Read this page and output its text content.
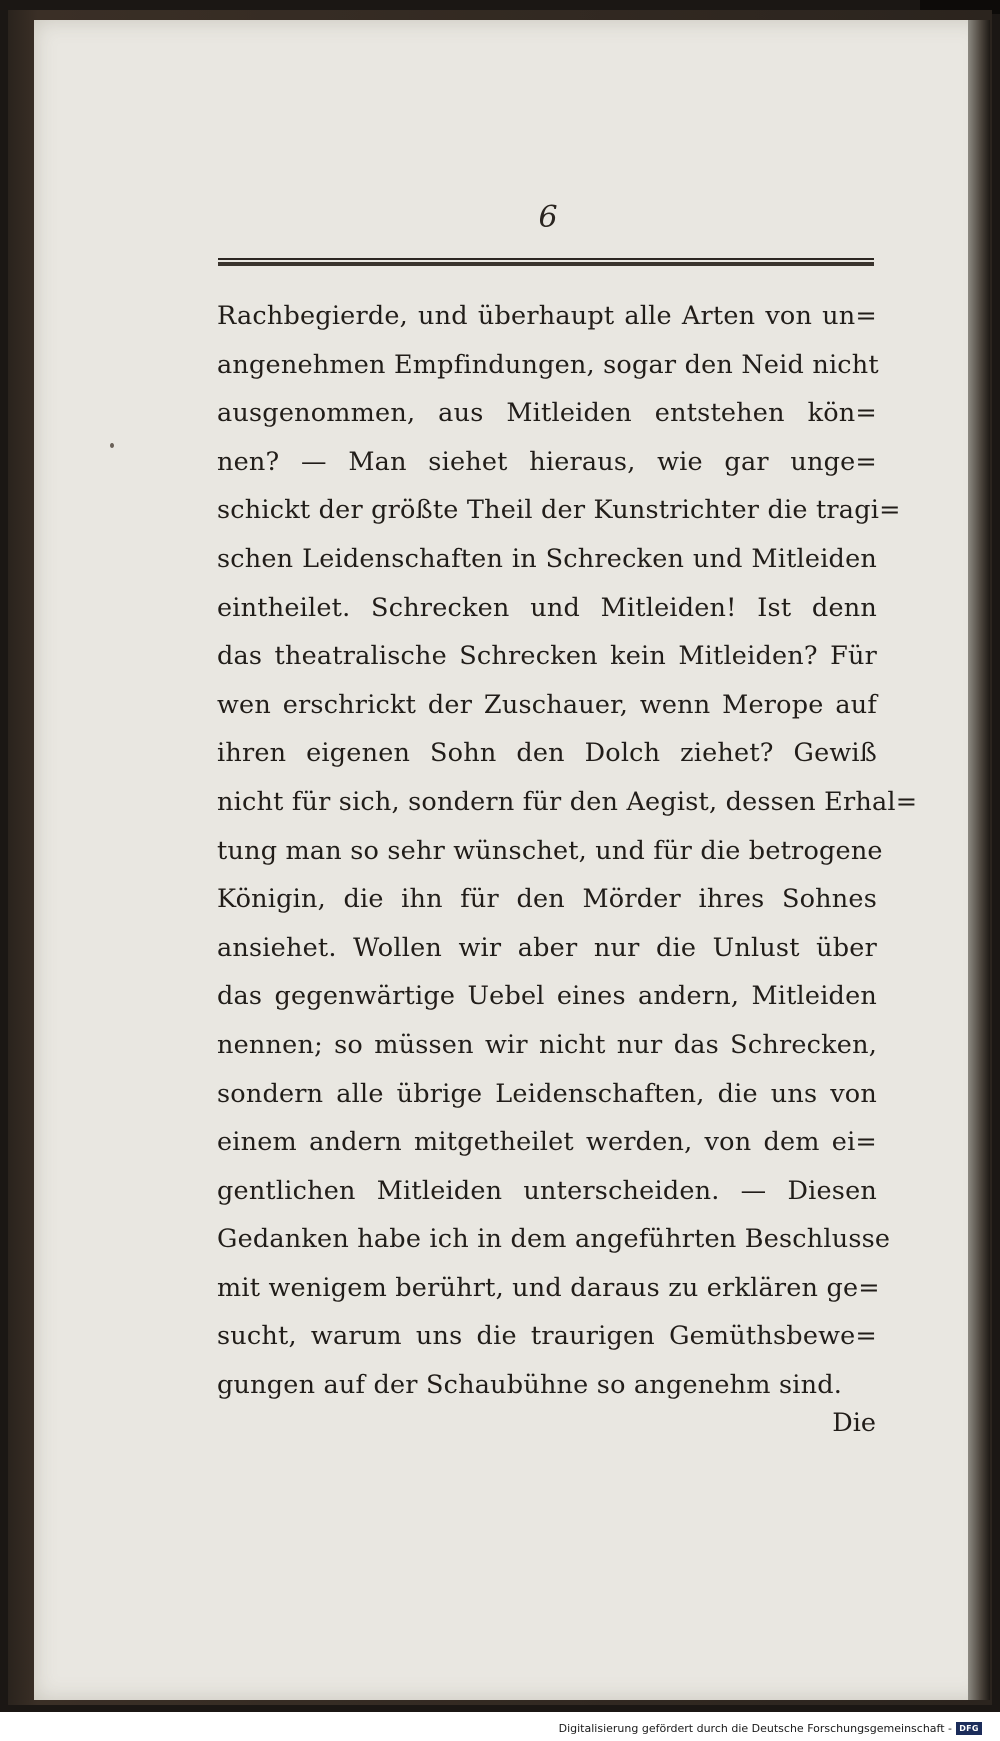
6
Rachbegierde, und überhaupt alle Arten von un=
angenehmen Empfindungen, sogar den Neid nicht
ausgenommen, aus Mitleiden entstehen kön=
nen? — Man siehet hieraus, wie gar unge=
schickt der größte Theil der Kunstrichter die tragi=
schen Leidenschaften in Schrecken und Mitleiden
eintheilet. Schrecken und Mitleiden! Ist denn
das theatralische Schrecken kein Mitleiden? Für
wen erschrickt der Zuschauer, wenn Merope auf
ihren eigenen Sohn den Dolch ziehet? Gewiß
nicht für sich, sondern für den Aegist, dessen Erhal=
tung man so sehr wünschet, und für die betrogene
Königin, die ihn für den Mörder ihres Sohnes
ansiehet. Wollen wir aber nur die Unlust über
das gegenwärtige Uebel eines andern, Mitleiden
nennen; so müssen wir nicht nur das Schrecken,
sondern alle übrige Leidenschaften, die uns von
einem andern mitgetheilet werden, von dem ei=
gentlichen Mitleiden unterscheiden. — Diesen
Gedanken habe ich in dem angeführten Beschlusse
mit wenigem berührt, und daraus zu erklären ge=
sucht, warum uns die traurigen Gemüthsbewe=
gungen auf der Schaubühne so angenehm sind.
Die
Digitalisierung gefördert durch die Deutsche Forschungsgemeinschaft - DFG
